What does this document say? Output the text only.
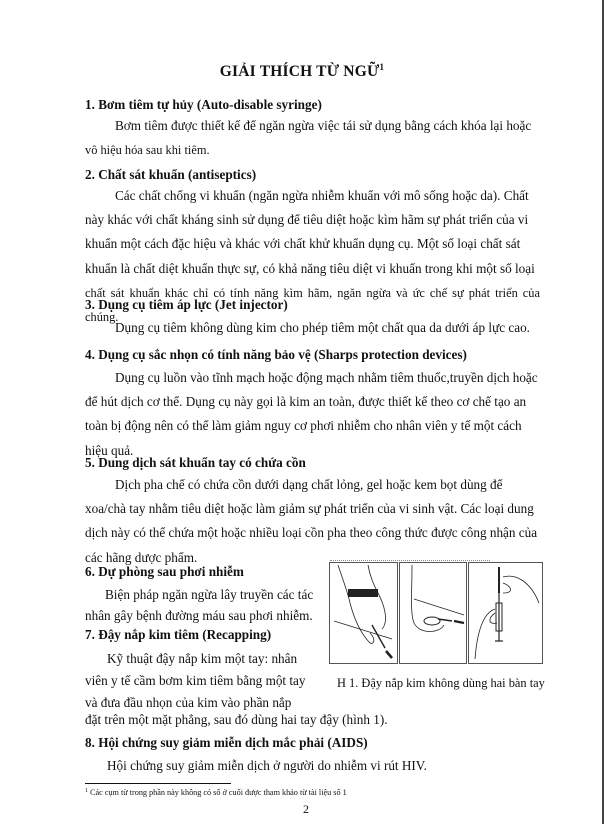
GIẢI THÍCH TỪ NGỮ$^1$
1. Bơm tiêm tự hủy (Auto-disable syringe)
Bơm tiêm được thiết kế để ngăn ngừa việc tái sử dụng bằng cách khóa lại hoặc
vô hiệu hóa sau khi tiêm.
2. Chất sát khuẩn (antiseptics)
Các chất chống vi khuẩn (ngăn ngừa nhiễm khuẩn với mô sống hoặc da). Chất
này khác với chất kháng sinh sử dụng để tiêu diệt hoặc kìm hãm sự phát triển của vi
khuẩn một cách đặc hiệu và khác với chất khử khuẩn dụng cụ. Một số loại chất sát
khuẩn là chất diệt khuẩn thực sự, có khả năng tiêu diệt vi khuẩn trong khi một số loại
chất sát khuẩn khác chỉ có tính năng kìm hãm, ngăn ngừa và ức chế sự phát triển của chúng.
3. Dụng cụ tiêm áp lực (Jet injector)
Dụng cụ tiêm không dùng kim cho phép tiêm một chất qua da dưới áp lực cao.
4. Dụng cụ sắc nhọn có tính năng bảo vệ (Sharps protection devices)
Dụng cụ luồn vào tĩnh mạch hoặc động mạch nhằm tiêm thuốc,truyền dịch hoặc
để hút dịch cơ thể. Dụng cụ này gọi là kim an toàn, được thiết kế theo cơ chế tạo an
toàn bị động nên có thể làm giảm nguy cơ phơi nhiễm cho nhân viên y tế một cách
hiệu quả.
5. Dung dịch sát khuẩn tay có chứa cồn
Dịch pha chế có chứa cồn dưới dạng chất lỏng, gel hoặc kem bọt dùng để
xoa/chà tay nhằm tiêu diệt hoặc làm giảm sự phát triển của vi sinh vật. Các loại dung
dịch này có thể chứa một hoặc nhiều loại cồn pha theo công thức được công nhận của
các hãng dược phẩm.
6. Dự phòng sau phơi nhiễm
Biện pháp ngăn ngừa lây truyền các tác
nhân gây bệnh đường máu sau phơi nhiễm.
7. Đậy nắp kim tiêm (Recapping)
Kỹ thuật đậy nắp kim một tay: nhân
viên y tế cầm bơm kim tiêm bằng một tay
và đưa đầu nhọn của kim vào phần nắp
đặt trên một mặt phẳng, sau đó dùng hai tay đậy (hình 1).
H 1. Đậy nắp kim không dùng hai bàn tay
8. Hội chứng suy giảm miễn dịch mắc phải (AIDS)
Hội chứng suy giảm miễn dịch ở người do nhiễm vi rút HIV.
$^1$ Các cụm từ trong phần này không có số ở cuối được tham khảo từ tài liệu số 1
2
